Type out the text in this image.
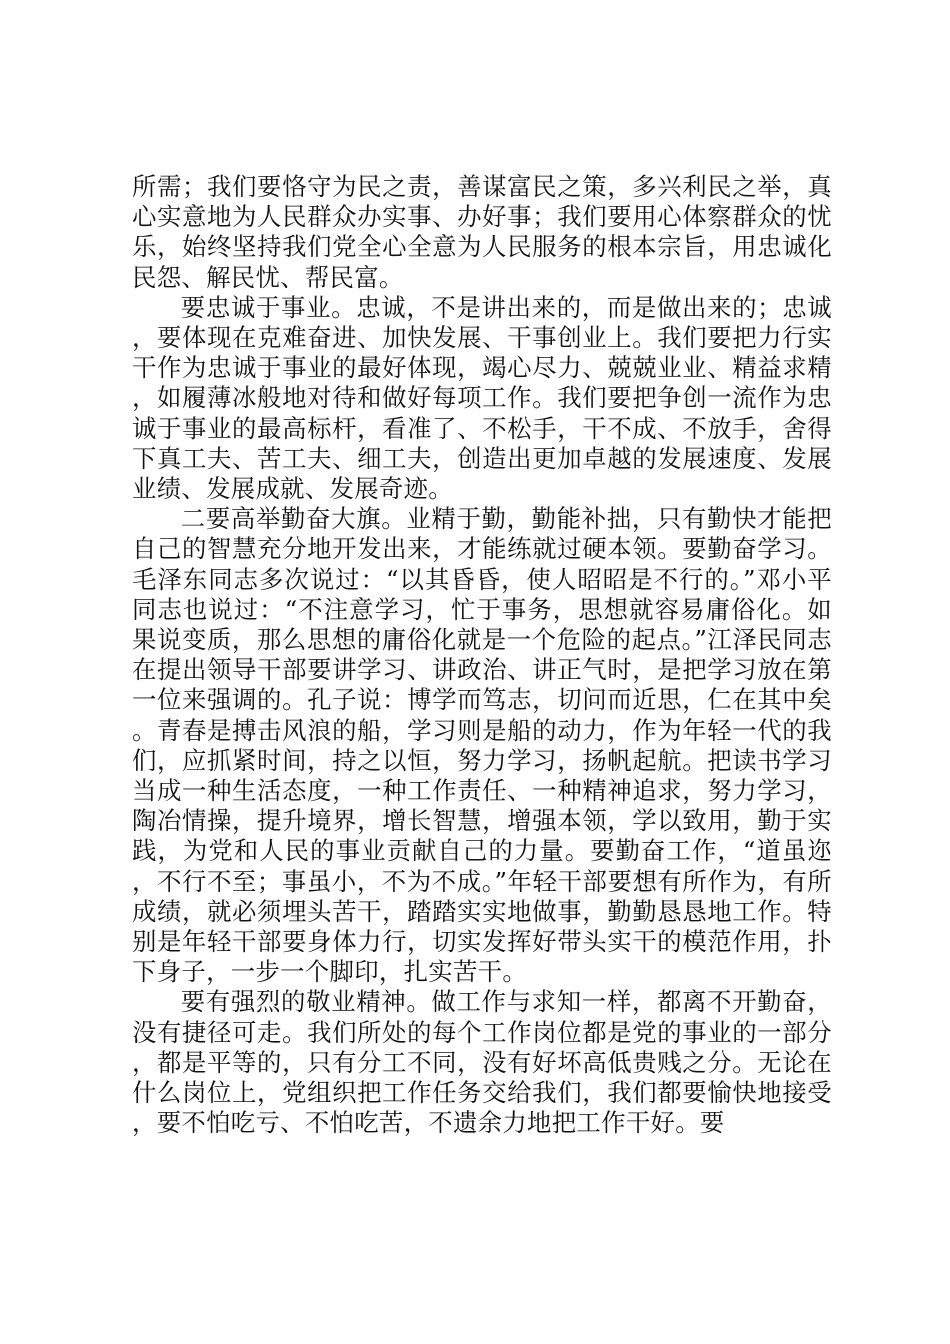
所需；我们要恪守为民之责，善谋富民之策，多兴利民之举，真心实意地为人民群众办实事、办好事；我们要用心体察群众的忧乐，始终坚持我们党全心全意为人民服务的根本宗旨，用忠诚化民怨、解民忧、帮民富。

要忠诚于事业。忠诚，不是讲出来的，而是做出来的；忠诚，要体现在克难奋进、加快发展、干事创业上。我们要把力行实干作为忠诚于事业的最好体现，竭心尽力、兢兢业业、精益求精，如履薄冰般地对待和做好每项工作。我们要把争创一流作为忠诚于事业的最高标杆，看准了、不松手，干不成、不放手，舍得下真工夫、苦工夫、细工夫，创造出更加卓越的发展速度、发展业绩、发展成就、发展奇迹。

二要高举勤奋大旗。业精于勤，勤能补拙，只有勤快才能把自己的智慧充分地开发出来，才能练就过硬本领。要勤奋学习。毛泽东同志多次说过：“以其昏昏，使人昭昭是不行的。”邓小平同志也说过：“不注意学习，忙于事务，思想就容易庸俗化。如果说变质，那么思想的庸俗化就是一个危险的起点。”江泽民同志在提出领导干部要讲学习、讲政治、讲正气时，是把学习放在第一位来强调的。孔子说：博学而笃志，切问而近思，仁在其中矣。青春是搏击风浪的船，学习则是船的动力，作为年轻一代的我们，应抓紧时间，持之以恒，努力学习，扬帆起航。把读书学习当成一种生活态度，一种工作责任、一种精神追求，努力学习，陶冶情操，提升境界，增长智慧，增强本领，学以致用，勤于实践，为党和人民的事业贡献自己的力量。要勤奋工作，“道虽迩，不行不至；事虽小，不为不成。”年轻干部要想有所作为，有所成绩，就必须埋头苦干，踏踏实实地做事，勤勤恳恳地工作。特别是年轻干部要身体力行，切实发挥好带头实干的模范作用，扑下身子，一步一个脚印，扎实苦干。

要有强烈的敬业精神。做工作与求知一样，都离不开勤奋，没有捷径可走。我们所处的每个工作岗位都是党的事业的一部分，都是平等的，只有分工不同，没有好坏高低贵贱之分。无论在什么岗位上，党组织把工作任务交给我们，我们都要愉快地接受，要不怕吃亏、不怕吃苦，不遗余力地把工作干好。要
